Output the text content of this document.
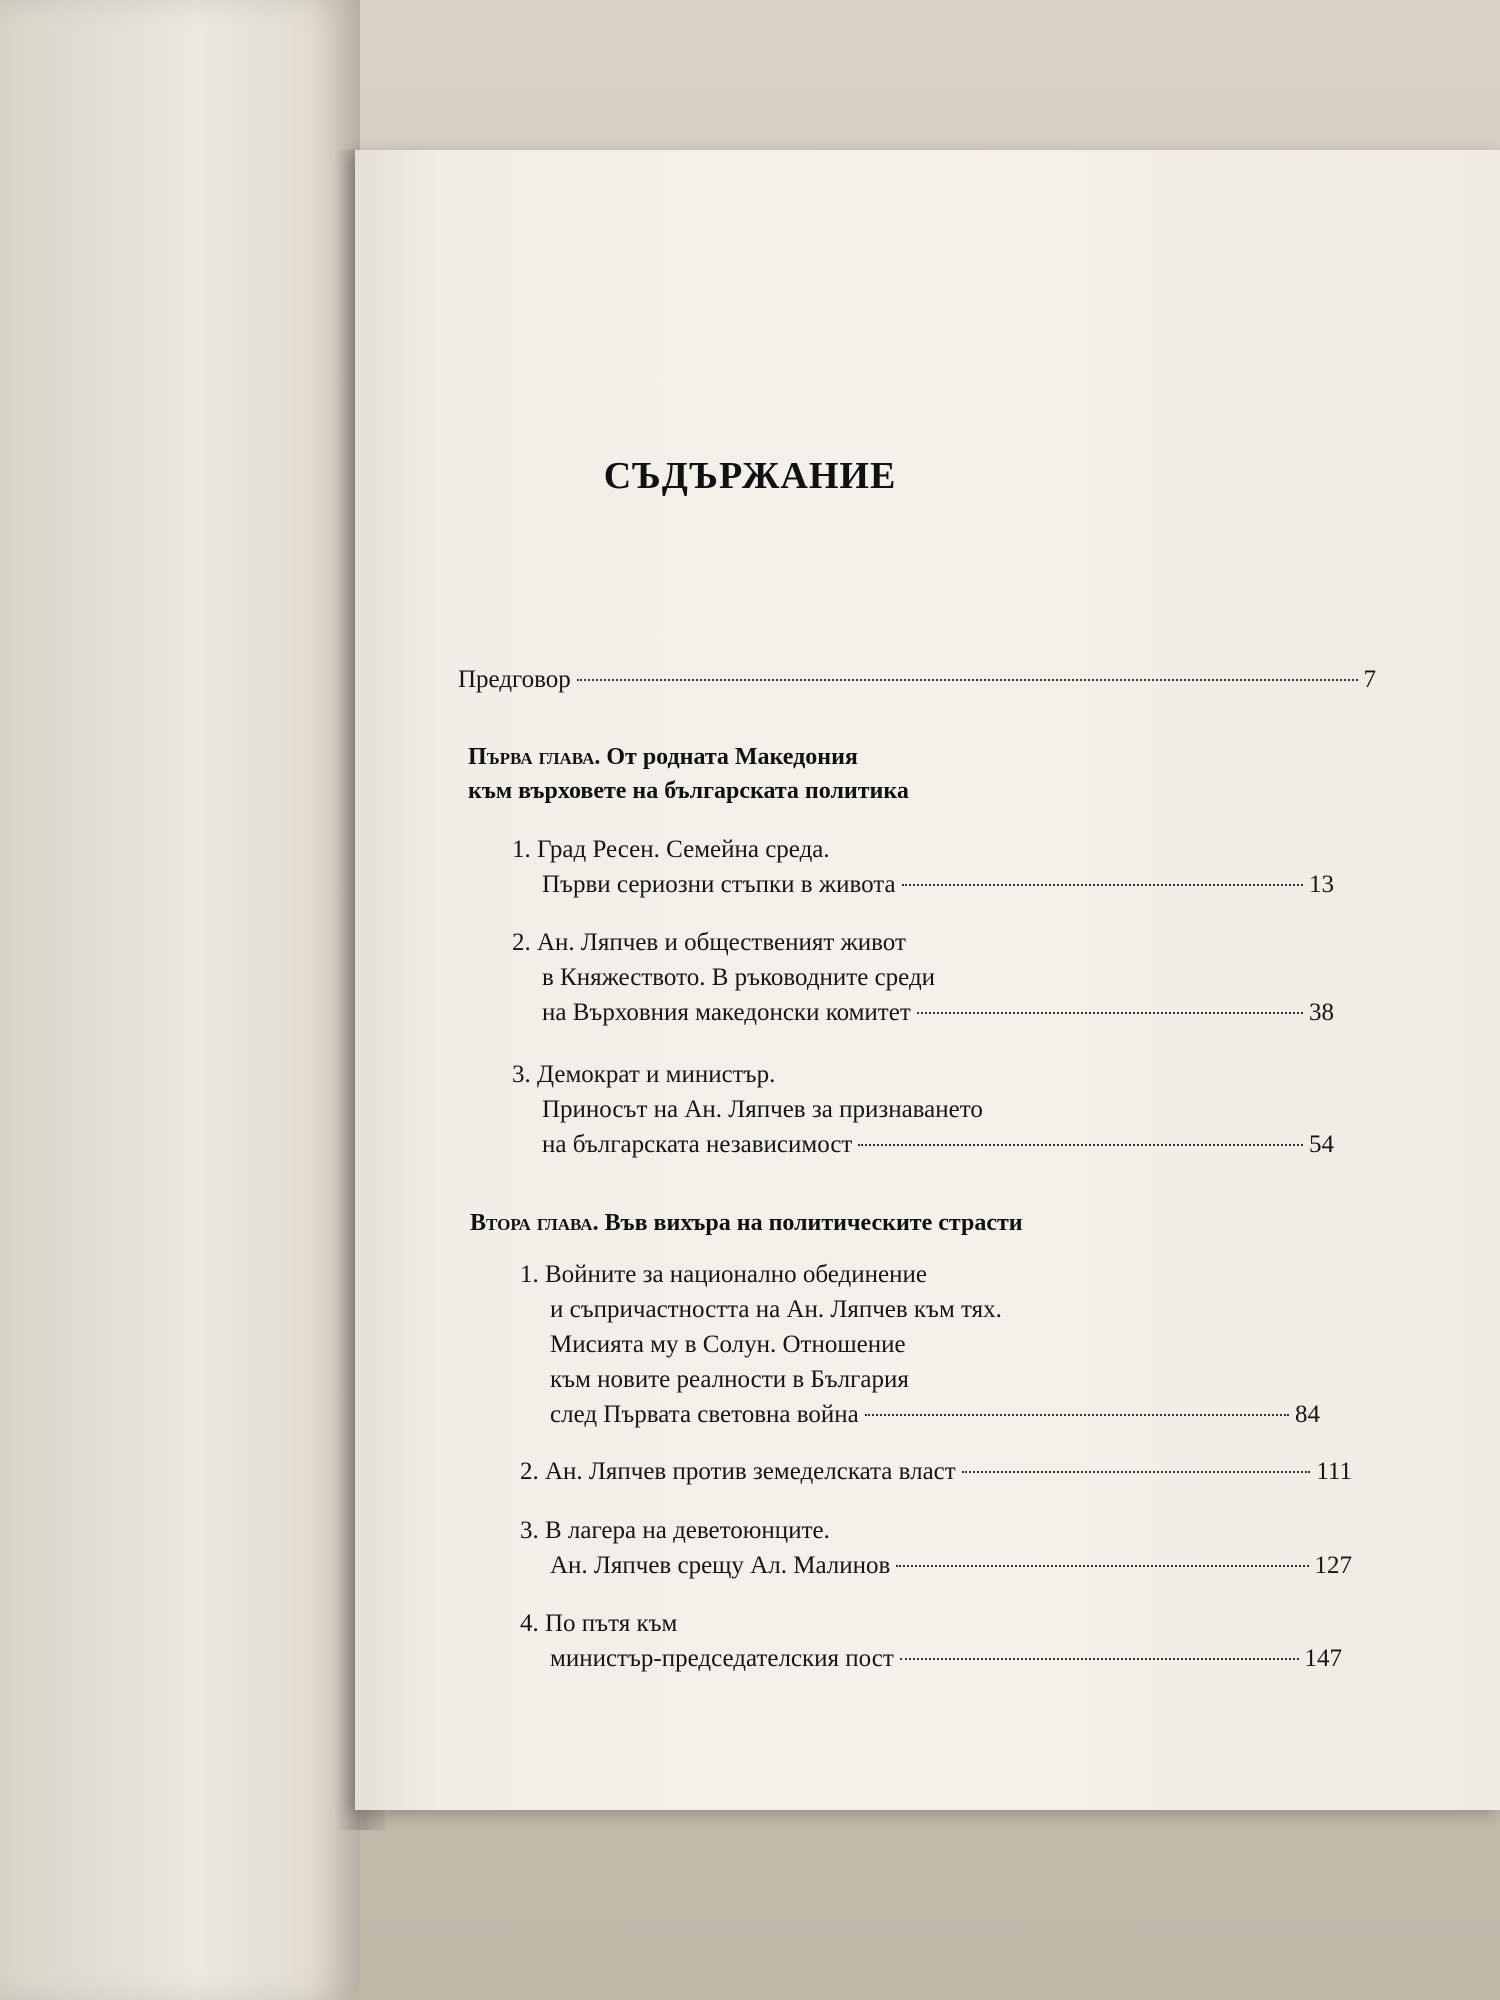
СЪДЪРЖАНИЕ
Предговор	7
Първа глава. От родната Македония
към върховете на българската политика
1. Град Ресен. Семейна среда.
Първи сериозни стъпки в живота	13
2. Ан. Ляпчев и общественият живот
в Княжеството. В ръководните среди
на Върховния македонски комитет	38
3. Демократ и министър.
Приносът на Ан. Ляпчев за признаването
на българската независимост	54
Втора глава. Във вихъра на политическите страсти
1. Войните за национално обединение
и съпричастността на Ан. Ляпчев към тях.
Мисията му в Солун. Отношение
към новите реалности в България
след Първата световна война	84
2. Ан. Ляпчев против земеделската власт	111
3. В лагера на деветоюнците.
Ан. Ляпчев срещу Ал. Малинов	127
4. По пътя към
министър-председателския пост	147
